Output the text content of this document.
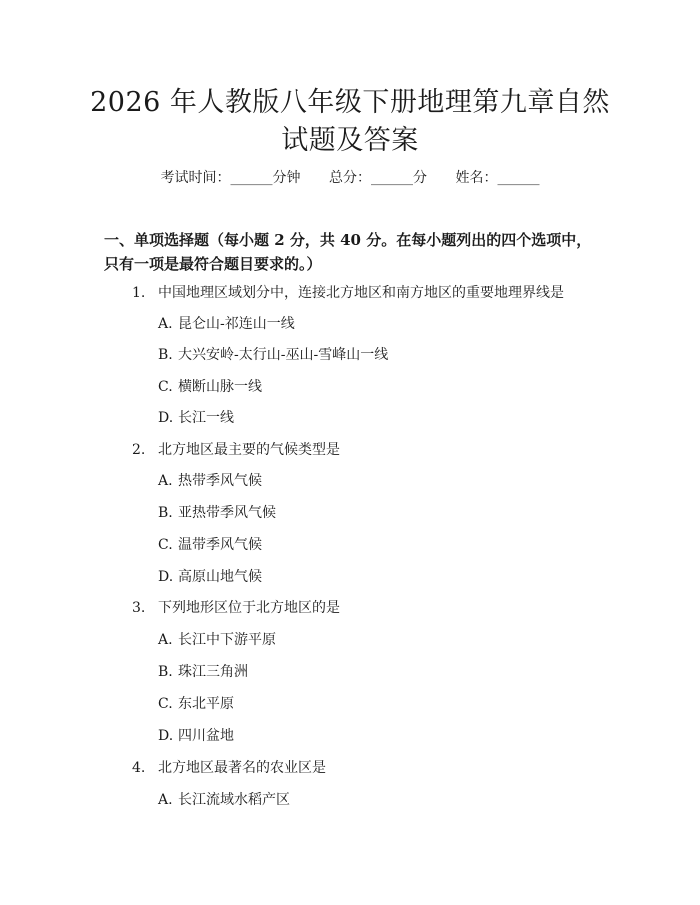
2026 年人教版八年级下册地理第九章自然试题及答案
考试时间：______分钟 总分：______分 姓名：______
一、单项选择题（每小题 2 分，共 40 分。在每小题列出的四个选项中，只有一项是最符合题目要求的。）
1. 中国地理区域划分中，连接北方地区和南方地区的重要地理界线是
A. 昆仑山-祁连山一线
B. 大兴安岭-太行山-巫山-雪峰山一线
C. 横断山脉一线
D. 长江一线
2. 北方地区最主要的气候类型是
A. 热带季风气候
B. 亚热带季风气候
C. 温带季风气候
D. 高原山地气候
3. 下列地形区位于北方地区的是
A. 长江中下游平原
B. 珠江三角洲
C. 东北平原
D. 四川盆地
4. 北方地区最著名的农业区是
A. 长江流域水稻产区
